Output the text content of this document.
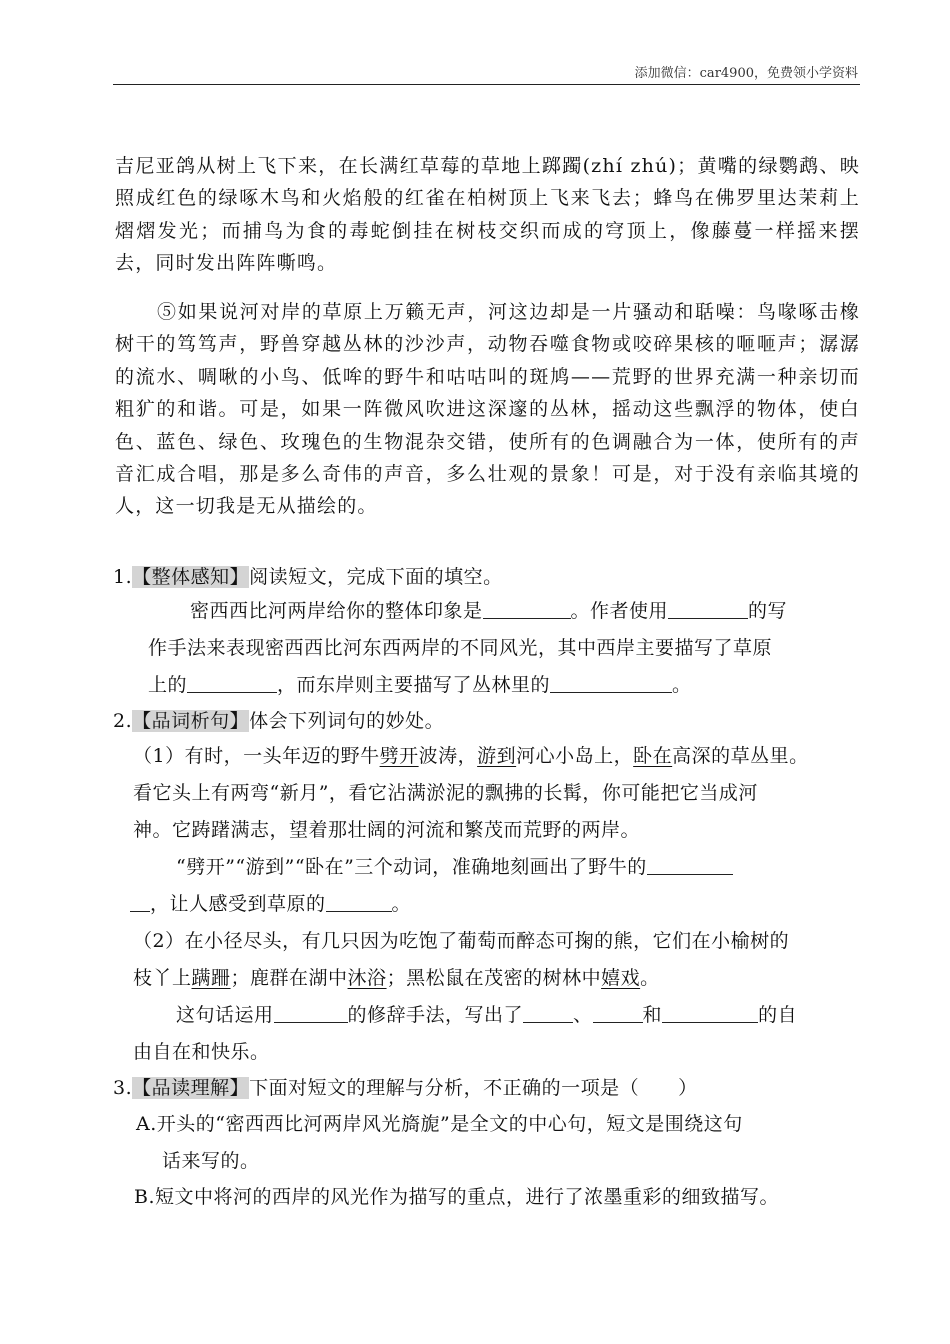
添加微信：car4900，免费领小学资料

吉尼亚鸽从树上飞下来，在长满红草莓的草地上踯躅(zhí zhú)；黄嘴的绿鹦鹉、映照成红色的绿啄木鸟和火焰般的红雀在柏树顶上飞来飞去；蜂鸟在佛罗里达茉莉上熠熠发光；而捕鸟为食的毒蛇倒挂在树枝交织而成的穹顶上，像藤蔓一样摇来摆去，同时发出阵阵嘶鸣。

⑤如果说河对岸的草原上万籁无声，河这边却是一片骚动和聒噪：鸟喙啄击橡树干的笃笃声，野兽穿越丛林的沙沙声，动物吞噬食物或咬碎果核的咂咂声；潺潺的流水、啁啾的小鸟、低哞的野牛和咕咕叫的斑鸠——荒野的世界充满一种亲切而粗犷的和谐。可是，如果一阵微风吹进这深邃的丛林，摇动这些飘浮的物体，使白色、蓝色、绿色、玫瑰色的生物混杂交错，使所有的色调融合为一体，使所有的声音汇成合唱，那是多么奇伟的声音，多么壮观的景象！可是，对于没有亲临其境的人，这一切我是无从描绘的。

1.【整体感知】阅读短文，完成下面的填空。
密西西比河两岸给你的整体印象是	。作者使用	的写
作手法来表现密西西比河东西两岸的不同风光，其中西岸主要描写了草原
上的	，而东岸则主要描写了丛林里的	。
2.【品词析句】体会下列词句的妙处。
（1）有时，一头年迈的野牛劈开波涛，游到河心小岛上，卧在高深的草丛里。
看它头上有两弯“新月”，看它沾满淤泥的飘拂的长髯，你可能把它当成河
神。它踌躇满志，望着那壮阔的河流和繁茂而荒野的两岸。
“劈开”“游到”“卧在”三个动词，准确地刻画出了野牛的
，让人感受到草原的	。
（2）在小径尽头，有几只因为吃饱了葡萄而醉态可掬的熊，它们在小榆树的
枝丫上蹒跚；鹿群在湖中沐浴；黑松鼠在茂密的树林中嬉戏。
这句话运用	的修辞手法，写出了	、	和	的自
由自在和快乐。
3.【品读理解】下面对短文的理解与分析，不正确的一项是（　　）
A.开头的“密西西比河两岸风光旖旎”是全文的中心句，短文是围绕这句
话来写的。
B.短文中将河的西岸的风光作为描写的重点，进行了浓墨重彩的细致描写。
